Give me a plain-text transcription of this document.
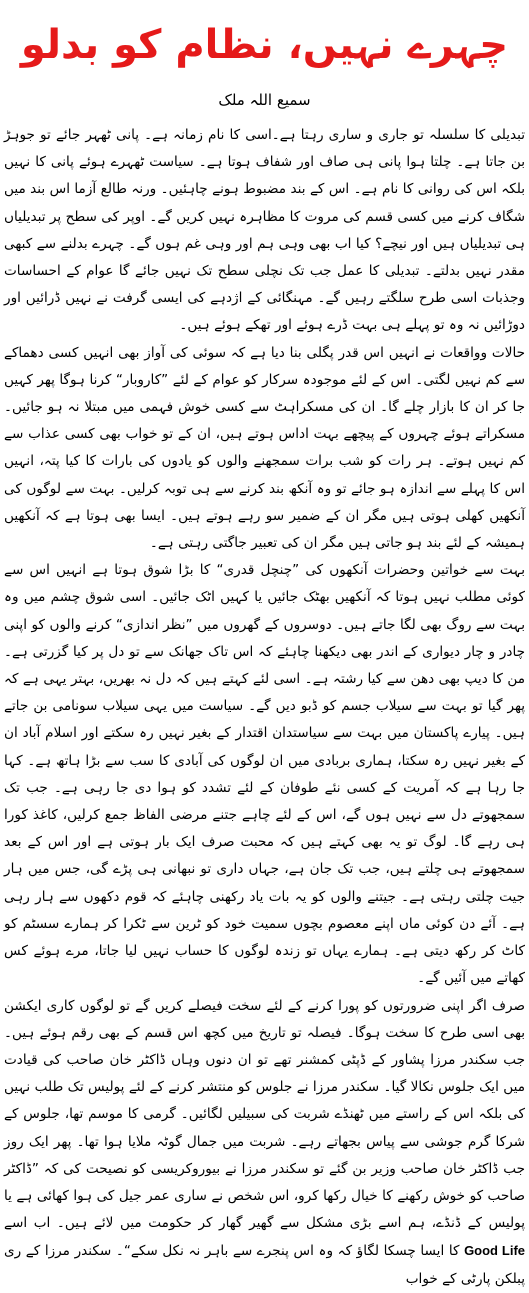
چہرے نہیں، نظام کو بدلو
سمیع اللہ ملک

تبدیلی کا سلسلہ تو جاری و ساری رہتا ہے۔اسی کا نام زمانہ ہے۔ پانی ٹھہر جائے تو جوہڑ بن جاتا ہے۔ چلتا ہوا پانی ہی صاف اور شفاف ہوتا ہے۔ سیاست ٹھہرے ہوئے پانی کا نہیں بلکہ اس کی روانی کا نام ہے۔ اس کے بند مضبوط ہونے چاہئیں۔ ورنہ طالع آزما اس بند میں شگاف کرنے میں کسی قسم کی مروت کا مظاہرہ نہیں کریں گے۔ اوپر کی سطح پر تبدیلیاں ہی تبدیلیاں ہیں اور نیچے؟ کیا اب بھی وہی ہم اور وہی غم ہوں گے۔ چہرے بدلنے سے کبھی مقدر نہیں بدلتے۔ تبدیلی کا عمل جب تک نچلی سطح تک نہیں جائے گا عوام کے احساسات وجذبات اسی طرح سلگتے رہیں گے۔ مہنگائی کے اژدہے کی ایسی گرفت نے نہیں ڈرائیں اور دوڑائیں نہ وہ تو پہلے ہی بہت ڈرے ہوئے اور تھکے ہوئے ہیں۔

حالات وواقعات نے انہیں اس قدر پگلی بنا دیا ہے کہ سوئی کی آواز بھی انہیں کسی دھماکے سے کم نہیں لگتی۔ اس کے لئے موجودہ سرکار کو عوام کے لئے ”کاروبار“ کرنا ہوگا پھر کہیں جا کر ان کا بازار چلے گا۔ ان کی مسکراہٹ سے کسی خوش فہمی میں مبتلا نہ ہو جائیں۔ مسکراتے ہوئے چہروں کے پیچھے بہت اداس ہوتے ہیں، ان کے تو خواب بھی کسی عذاب سے کم نہیں ہوتے۔ ہر رات کو شب برات سمجھنے والوں کو یادوں کی بارات کا کیا پتہ، انہیں اس کا پہلے سے اندازہ ہو جائے تو وہ آنکھ بند کرنے سے ہی توبہ کرلیں۔ بہت سے لوگوں کی آنکھیں کھلی ہوتی ہیں مگر ان کے ضمیر سو رہے ہوتے ہیں۔ ایسا بھی ہوتا ہے کہ آنکھیں ہمیشہ کے لئے بند ہو جاتی ہیں مگر ان کی تعبیر جاگتی رہتی ہے۔

بہت سے خواتین وحضرات آنکھوں کی ”چنچل قدری“ کا بڑا شوق ہوتا ہے انہیں اس سے کوئی مطلب نہیں ہوتا کہ آنکھیں بھٹک جائیں یا کہیں اٹک جائیں۔ اسی شوق چشم میں وہ بہت سے روگ بھی لگا جاتے ہیں۔ دوسروں کے گھروں میں ”نظر اندازی“ کرنے والوں کو اپنی چادر و چار دیواری کے اندر بھی دیکھنا چاہئے کہ اس تاک جھانک سے تو دل پر کیا گزرتی ہے۔ من کا دیپ بھی دھن سے کیا رشتہ ہے۔ اسی لئے کہتے ہیں کہ دل نہ بھریں، بہتر یہی ہے کہ پھر گیا تو بہت سے سیلاب جسم کو ڈبو دیں گے۔ سیاست میں یہی سیلاب سونامی بن جاتے ہیں۔ پیارے پاکستان میں بہت سے سیاستدان اقتدار کے بغیر نہیں رہ سکتے اور اسلام آباد ان کے بغیر نہیں رہ سکتا، ہماری بربادی میں ان لوگوں کی آبادی کا سب سے بڑا ہاتھ ہے۔ کہا جا رہا ہے کہ آمریت کے کسی نئے طوفان کے لئے تشدد کو ہوا دی جا رہی ہے۔ جب تک سمجھوتے دل سے نہیں ہوں گے، اس کے لئے چاہے جتنے مرضی الفاظ جمع کرلیں، کاغذ کورا ہی رہے گا۔ لوگ تو یہ بھی کہتے ہیں کہ محبت صرف ایک بار ہوتی ہے اور اس کے بعد سمجھوتے ہی چلتے ہیں، جب تک جان ہے، جہاں داری تو نبھانی ہی پڑے گی، جس میں ہار جیت چلتی رہتی ہے۔ جیتنے والوں کو یہ بات یاد رکھنی چاہئے کہ قوم دکھوں سے ہار رہی ہے۔ آئے دن کوئی ماں اپنے معصوم بچوں سمیت خود کو ٹرین سے ٹکرا کر ہمارے سسٹم کو کاٹ کر رکھ دیتی ہے۔ ہمارے یہاں تو زندہ لوگوں کا حساب نہیں لیا جاتا، مرے ہوئے کس کھاتے میں آئیں گے۔

صرف اگر اپنی ضرورتوں کو پورا کرنے کے لئے سخت فیصلے کریں گے تو لوگوں کاری ایکشن بھی اسی طرح کا سخت ہوگا۔ فیصلہ تو تاریخ میں کچھ اس قسم کے بھی رقم ہوئے ہیں۔ جب سکندر مرزا پشاور کے ڈپٹی کمشنر تھے تو ان دنوں وہاں ڈاکٹر خان صاحب کی قیادت میں ایک جلوس نکالا گیا۔ سکندر مرزا نے جلوس کو منتشر کرنے کے لئے پولیس تک طلب نہیں کی بلکہ اس کے راستے میں ٹھنڈے شربت کی سبیلیں لگائیں۔ گرمی کا موسم تھا، جلوس کے شرکا گرم جوشی سے پیاس بجھاتے رہے۔ شربت میں جمال گوٹہ ملایا ہوا تھا۔ پھر ایک روز جب ڈاکٹر خان صاحب وزیر بن گئے تو سکندر مرزا نے بیوروکریسی کو نصیحت کی کہ ”ڈاکٹر صاحب کو خوش رکھنے کا خیال رکھا کرو، اس شخص نے ساری عمر جیل کی ہوا کھائی ہے یا پولیس کے ڈنڈے، ہم اسے بڑی مشکل سے گھیر گھار کر حکومت میں لائے ہیں۔ اب اسے Good Life کا ایسا چسکا لگاؤ کہ وہ اس پنجرے سے باہر نہ نکل سکے“۔ سکندر مرزا کے ری پبلکن پارٹی کے خواب
